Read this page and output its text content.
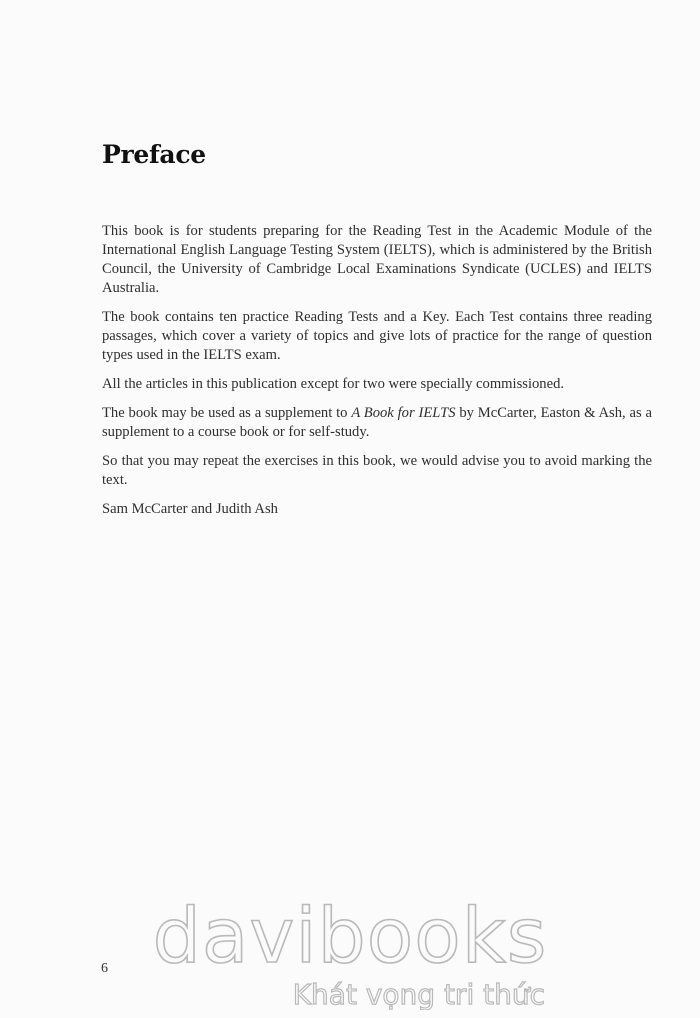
Preface

This book is for students preparing for the Reading Test in the Academic Module of the International English Language Testing System (IELTS), which is administered by the British Council, the University of Cambridge Local Examinations Syndicate (UCLES) and IELTS Australia.

The book contains ten practice Reading Tests and a Key. Each Test contains three reading passages, which cover a variety of topics and give lots of practice for the range of question types used in the IELTS exam.

All the articles in this publication except for two were specially commissioned.

The book may be used as a supplement to A Book for IELTS by McCarter, Easton & Ash, as a supplement to a course book or for self-study.

So that you may repeat the exercises in this book, we would advise you to avoid marking the text.

Sam McCarter and Judith Ash

6 davibooks
Khát vọng tri thức
